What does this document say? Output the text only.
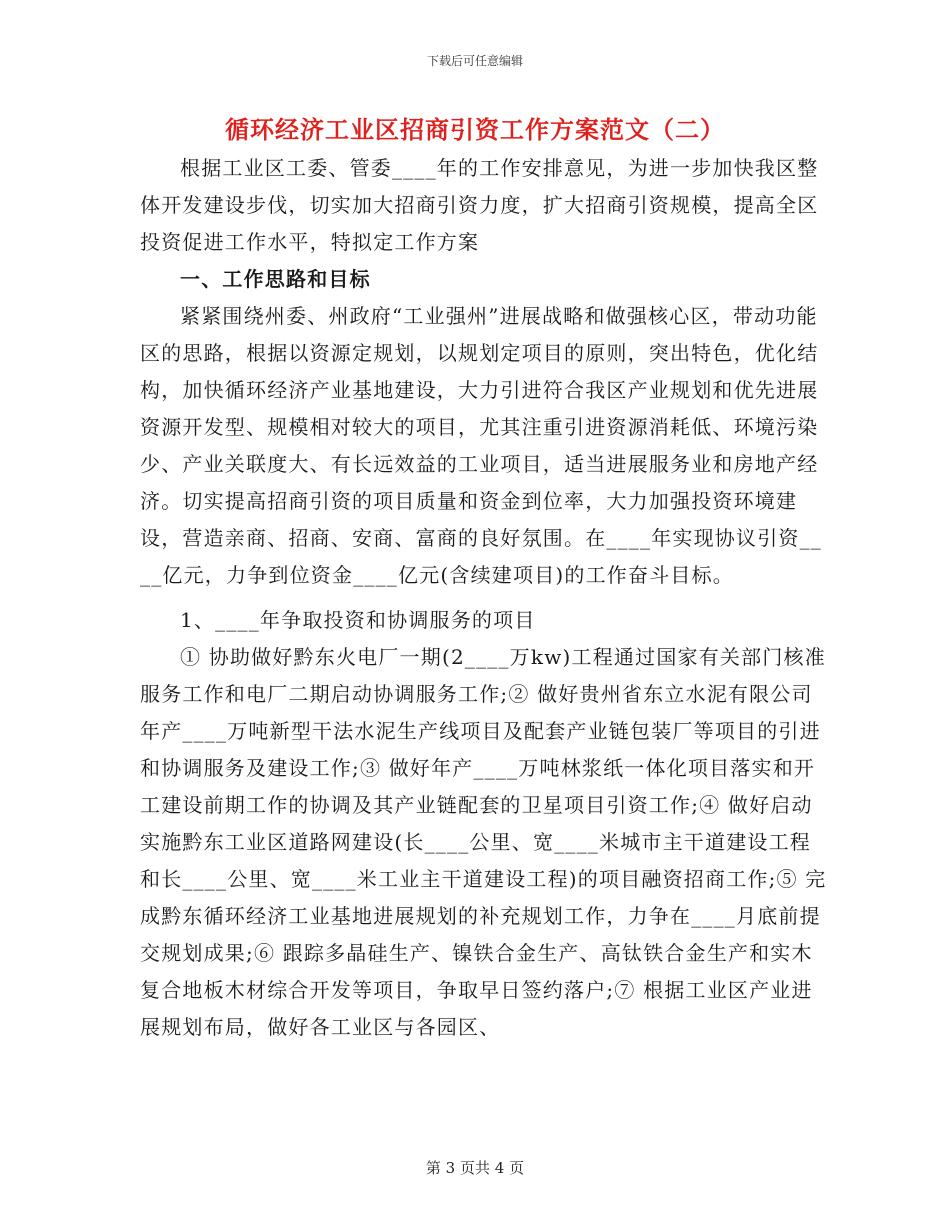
下载后可任意编辑
循环经济工业区招商引资工作方案范文（二）

根据工业区工委、管委____年的工作安排意见，为进一步加快我区整体开发建设步伐，切实加大招商引资力度，扩大招商引资规模，提高全区投资促进工作水平，特拟定工作方案

一、工作思路和目标

紧紧围绕州委、州政府“工业强州”进展战略和做强核心区，带动功能区的思路，根据以资源定规划，以规划定项目的原则，突出特色，优化结构，加快循环经济产业基地建设，大力引进符合我区产业规划和优先进展资源开发型、规模相对较大的项目，尤其注重引进资源消耗低、环境污染少、产业关联度大、有长远效益的工业项目，适当进展服务业和房地产经济。切实提高招商引资的项目质量和资金到位率，大力加强投资环境建设，营造亲商、招商、安商、富商的良好氛围。在____年实现协议引资____亿元，力争到位资金____亿元(含续建项目)的工作奋斗目标。

1、____年争取投资和协调服务的项目

① 协助做好黔东火电厂一期(2____万kw)工程通过国家有关部门核准服务工作和电厂二期启动协调服务工作;② 做好贵州省东立水泥有限公司年产____万吨新型干法水泥生产线项目及配套产业链包装厂等项目的引进和协调服务及建设工作;③ 做好年产____万吨林浆纸一体化项目落实和开工建设前期工作的协调及其产业链配套的卫星项目引资工作;④ 做好启动实施黔东工业区道路网建设(长____公里、宽____米城市主干道建设工程和长____公里、宽____米工业主干道建设工程)的项目融资招商工作;⑤ 完成黔东循环经济工业基地进展规划的补充规划工作，力争在____月底前提交规划成果;⑥ 跟踪多晶硅生产、镍铁合金生产、高钛铁合金生产和实木复合地板木材综合开发等项目，争取早日签约落户;⑦ 根据工业区产业进展规划布局，做好各工业区与各园区、

第 3 页共 4 页
